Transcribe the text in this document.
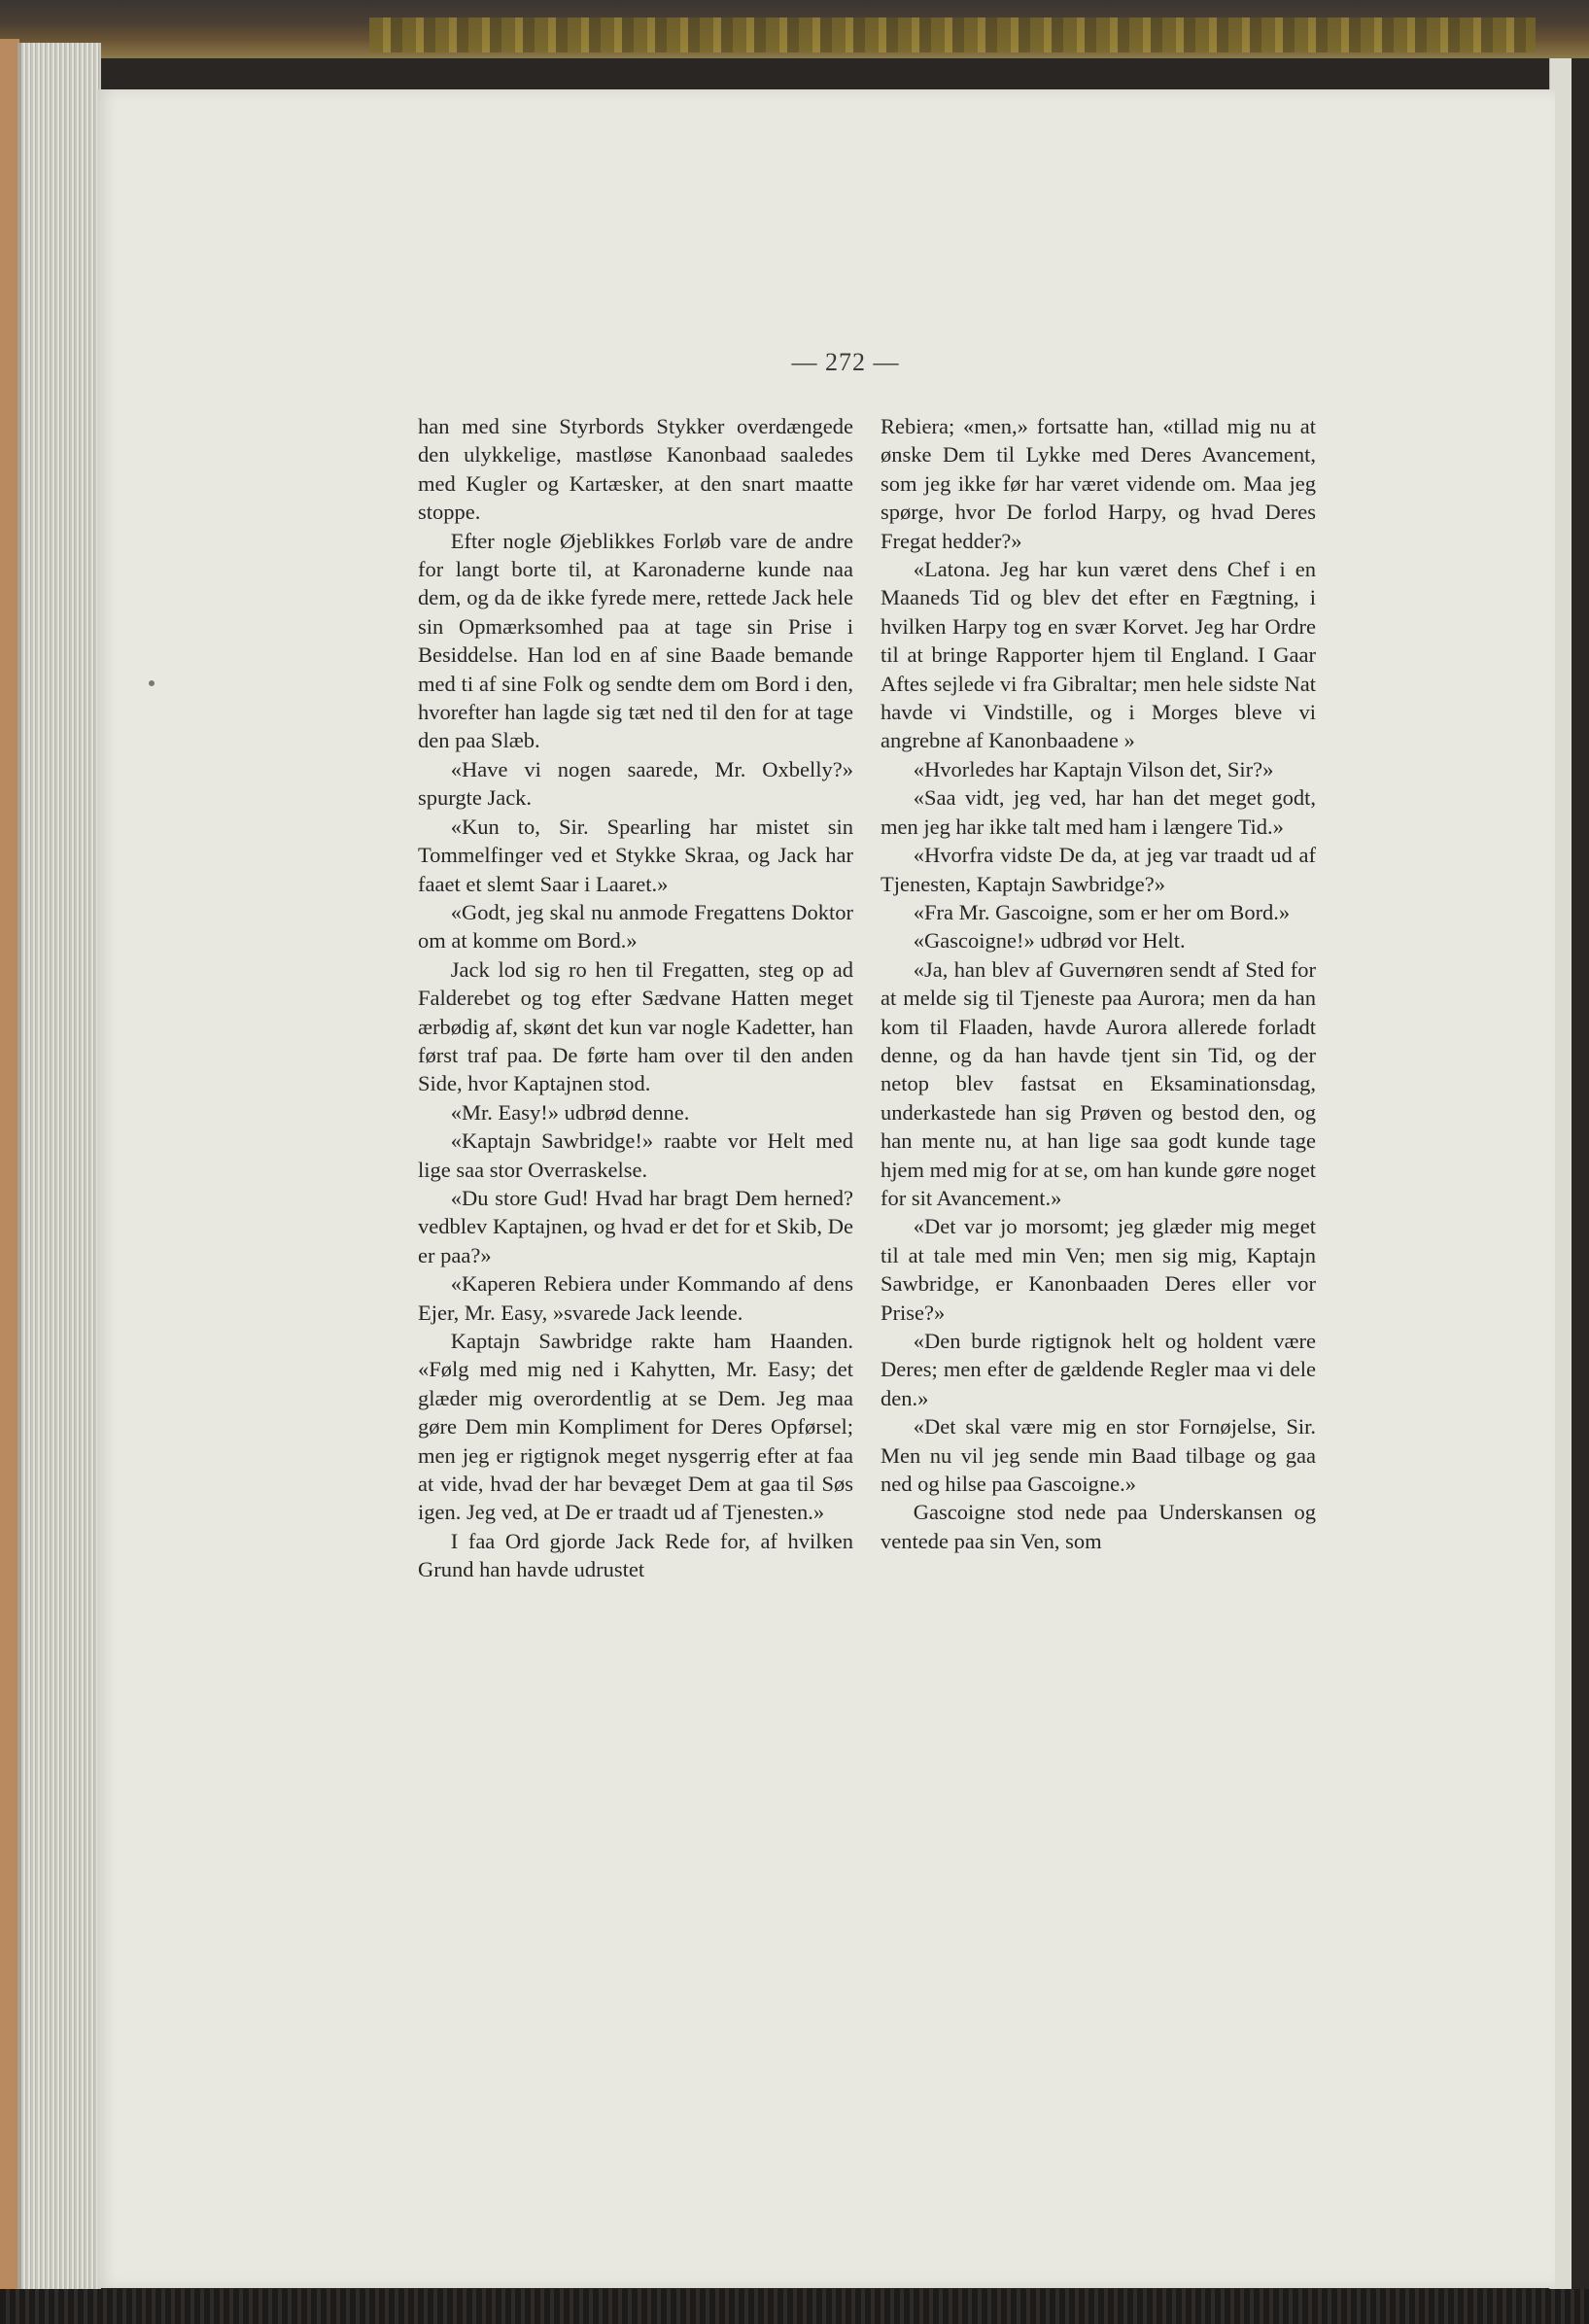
— 272 —

han med sine Styrbords Stykker overdængede den ulykkelige, mastløse Kanonbaad saaledes med Kugler og Kartæsker, at den snart maatte stoppe.

Efter nogle Øjeblikkes Forløb vare de andre for langt borte til, at Karonaderne kunde naa dem, og da de ikke fyrede mere, rettede Jack hele sin Opmærksomhed paa at tage sin Prise i Besiddelse. Han lod en af sine Baade bemande med ti af sine Folk og sendte dem om Bord i den, hvorefter han lagde sig tæt ned til den for at tage den paa Slæb.

«Have vi nogen saarede, Mr. Oxbelly?» spurgte Jack.

«Kun to, Sir. Spearling har mistet sin Tommelfinger ved et Stykke Skraa, og Jack har faaet et slemt Saar i Laaret.»

«Godt, jeg skal nu anmode Fregattens Doktor om at komme om Bord.»

Jack lod sig ro hen til Fregatten, steg op ad Falderebet og tog efter Sædvane Hatten meget ærbødig af, skønt det kun var nogle Kadetter, han først traf paa. De førte ham over til den anden Side, hvor Kaptajnen stod.

«Mr. Easy!» udbrød denne.

«Kaptajn Sawbridge!» raabte vor Helt med lige saa stor Overraskelse.

«Du store Gud! Hvad har bragt Dem herned? vedblev Kaptajnen, og hvad er det for et Skib, De er paa?»

«Kaperen Rebiera under Kommando af dens Ejer, Mr. Easy, »svarede Jack leende.

Kaptajn Sawbridge rakte ham Haanden. «Følg med mig ned i Kahytten, Mr. Easy; det glæder mig overordentlig at se Dem. Jeg maa gøre Dem min Kompliment for Deres Opførsel; men jeg er rigtignok meget nysgerrig efter at faa at vide, hvad der har bevæget Dem at gaa til Søs igen. Jeg ved, at De er traadt ud af Tjenesten.»

I faa Ord gjorde Jack Rede for, af hvilken Grund han havde udrustet

Rebiera; «men,» fortsatte han, «tillad mig nu at ønske Dem til Lykke med Deres Avancement, som jeg ikke før har været vidende om. Maa jeg spørge, hvor De forlod Harpy, og hvad Deres Fregat hedder?»

«Latona. Jeg har kun været dens Chef i en Maaneds Tid og blev det efter en Fægtning, i hvilken Harpy tog en svær Korvet. Jeg har Ordre til at bringe Rapporter hjem til England. I Gaar Aftes sejlede vi fra Gibraltar; men hele sidste Nat havde vi Vindstille, og i Morges bleve vi angrebne af Kanonbaadene »

«Hvorledes har Kaptajn Vilson det, Sir?»

«Saa vidt, jeg ved, har han det meget godt, men jeg har ikke talt med ham i længere Tid.»

«Hvorfra vidste De da, at jeg var traadt ud af Tjenesten, Kaptajn Sawbridge?»

«Fra Mr. Gascoigne, som er her om Bord.»

«Gascoigne!» udbrød vor Helt.

«Ja, han blev af Guvernøren sendt af Sted for at melde sig til Tjeneste paa Aurora; men da han kom til Flaaden, havde Aurora allerede forladt denne, og da han havde tjent sin Tid, og der netop blev fastsat en Eksaminationsdag, underkastede han sig Prøven og bestod den, og han mente nu, at han lige saa godt kunde tage hjem med mig for at se, om han kunde gøre noget for sit Avancement.»

«Det var jo morsomt; jeg glæder mig meget til at tale med min Ven; men sig mig, Kaptajn Sawbridge, er Kanonbaaden Deres eller vor Prise?»

«Den burde rigtignok helt og holdent være Deres; men efter de gældende Regler maa vi dele den.»

«Det skal være mig en stor Fornøjelse, Sir. Men nu vil jeg sende min Baad tilbage og gaa ned og hilse paa Gascoigne.»

Gascoigne stod nede paa Underskansen og ventede paa sin Ven, som
